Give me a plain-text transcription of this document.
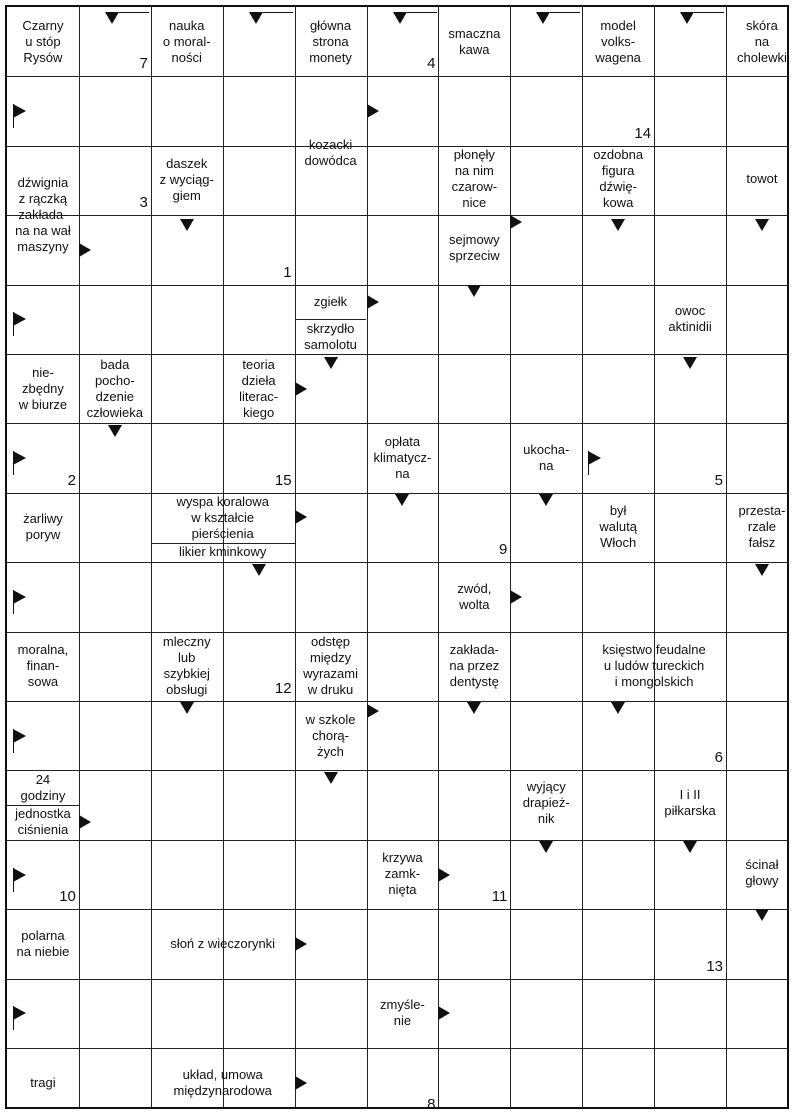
Czarny
u stóp
Rysów
nauka
o moral-
ności
główna
strona
monety
smaczna
kawa
model
volks-
wagena
skóra
na
cholewki
kozacki
dowódca
dźwignia
z rączką
zakłada-
na na wał
maszyny
daszek
z wyciąg-
giem
płonęły
na nim
czarow-
nice
sejmowy
sprzeciw
ozdobna
figura
dźwię-
kowa
towot
zgiełk
skrzydło
samolotu
owoc
aktinidii
nie-
zbędny
w biurze
bada
pocho-
dzenie
człowieka
teoria
dzieła
literac-
kiego
opłata
klimatycz-
na
ukocha-
na
żarliwy
poryw
wyspa koralowa
w kształcie
pierścienia
likier kminkowy
był
walutą
Włoch
przesta-
rzale
fałsz
zwód,
wolta
moralna,
finan-
sowa
mleczny
lub
szybkiej
obsługi
odstęp
między
wyrazami
w druku
zakłada-
na przez
dentystę
księstwo feudalne
u ludów tureckich
i mongolskich
w szkole
chorą-
żych
24
godziny
jednostka
ciśnienia
wyjący
drapież-
nik
I i II
piłkarska
krzywa
zamk-
nięta
ścinał
głowy
polarna
na niebie
słoń z wieczorynki
zmyśle-
nie
tragi
układ, umowa
międzynarodowa
7	4
14
3
1
2	15	5
9
12
6
10	11
13
8
